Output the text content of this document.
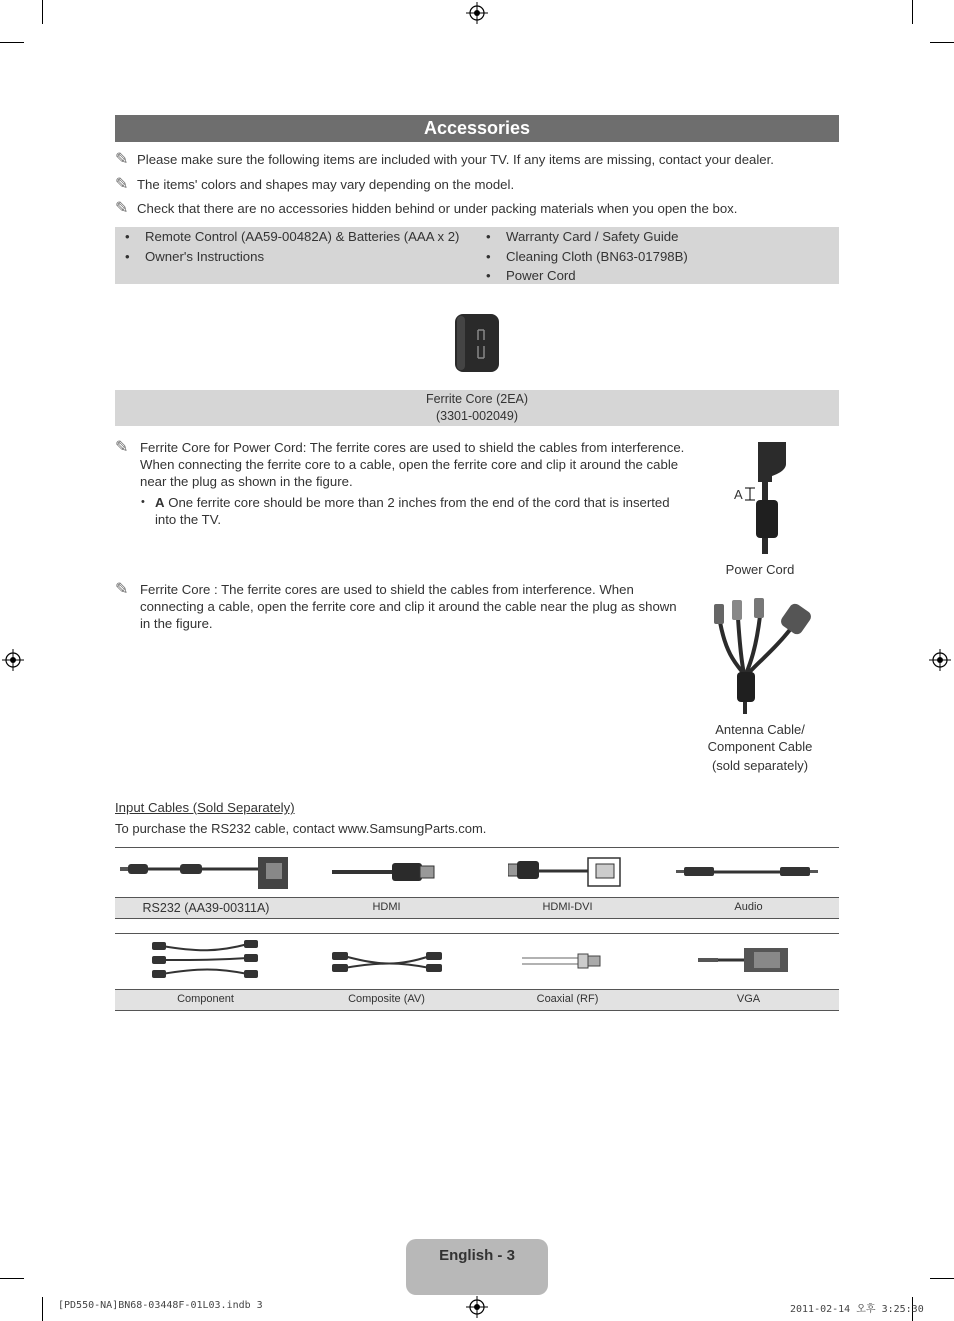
Accessories
✎ Please make sure the following items are included with your TV. If any items are missing, contact your dealer.
✎ The items' colors and shapes may vary depending on the model.
✎ Check that there are no accessories hidden behind or under packing materials when you open the box.
• Remote Control (AA59-00482A) & Batteries (AAA x 2)
• Owner's Instructions
• Warranty Card / Safety Guide
• Cleaning Cloth (BN63-01798B)
• Power Cord
Ferrite Core (2EA)
(3301-002049)
✎ Ferrite Core for Power Cord: The ferrite cores are used to shield the cables from interference.
When connecting the ferrite core to a cable, open the ferrite core and clip it around the cable
near the plug as shown in the figure.
• A One ferrite core should be more than 2 inches from the end of the cord that is inserted
into the TV.
A
Power Cord
✎ Ferrite Core : The ferrite cores are used to shield the cables from interference. When
connecting a cable, open the ferrite core and clip it around the cable near the plug as shown
in the figure.
Antenna Cable/
Component Cable
(sold separately)
Input Cables (Sold Separately)
To purchase the RS232 cable, contact www.SamsungParts.com.
RS232 (AA39-00311A)	HDMI	HDMI-DVI	Audio
Component	Composite (AV)	Coaxial (RF)	VGA
English - 3
[PD550-NA]BN68-03448F-01L03.indb 3	2011-02-14 오후 3:25:30
